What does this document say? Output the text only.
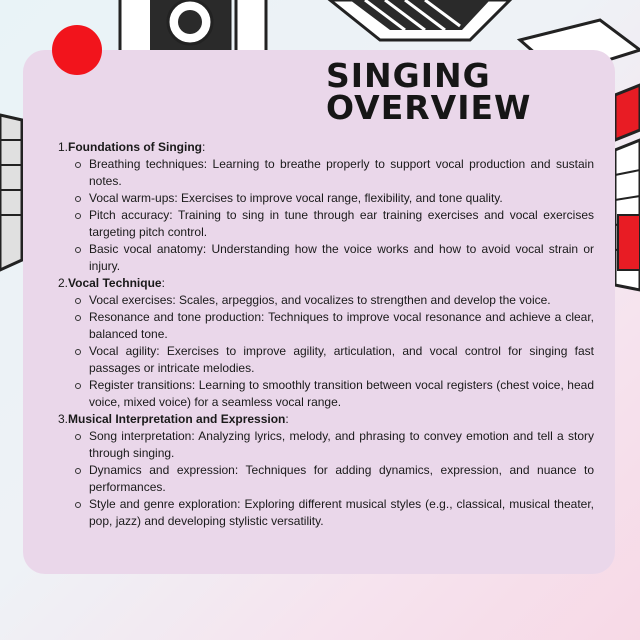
SINGING
OVERVIEW
1. Foundations of Singing:
Breathing techniques: Learning to breathe properly to support vocal production and sustain notes.
Vocal warm-ups: Exercises to improve vocal range, flexibility, and tone quality.
Pitch accuracy: Training to sing in tune through ear training exercises and vocal exercises targeting pitch control.
Basic vocal anatomy: Understanding how the voice works and how to avoid vocal strain or injury.
2. Vocal Technique:
Vocal exercises: Scales, arpeggios, and vocalizes to strengthen and develop the voice.
Resonance and tone production: Techniques to improve vocal resonance and achieve a clear, balanced tone.
Vocal agility: Exercises to improve agility, articulation, and vocal control for singing fast passages or intricate melodies.
Register transitions: Learning to smoothly transition between vocal registers (chest voice, head voice, mixed voice) for a seamless vocal range.
3. Musical Interpretation and Expression:
Song interpretation: Analyzing lyrics, melody, and phrasing to convey emotion and tell a story through singing.
Dynamics and expression: Techniques for adding dynamics, expression, and nuance to performances.
Style and genre exploration: Exploring different musical styles (e.g., classical, musical theater, pop, jazz) and developing stylistic versatility.
